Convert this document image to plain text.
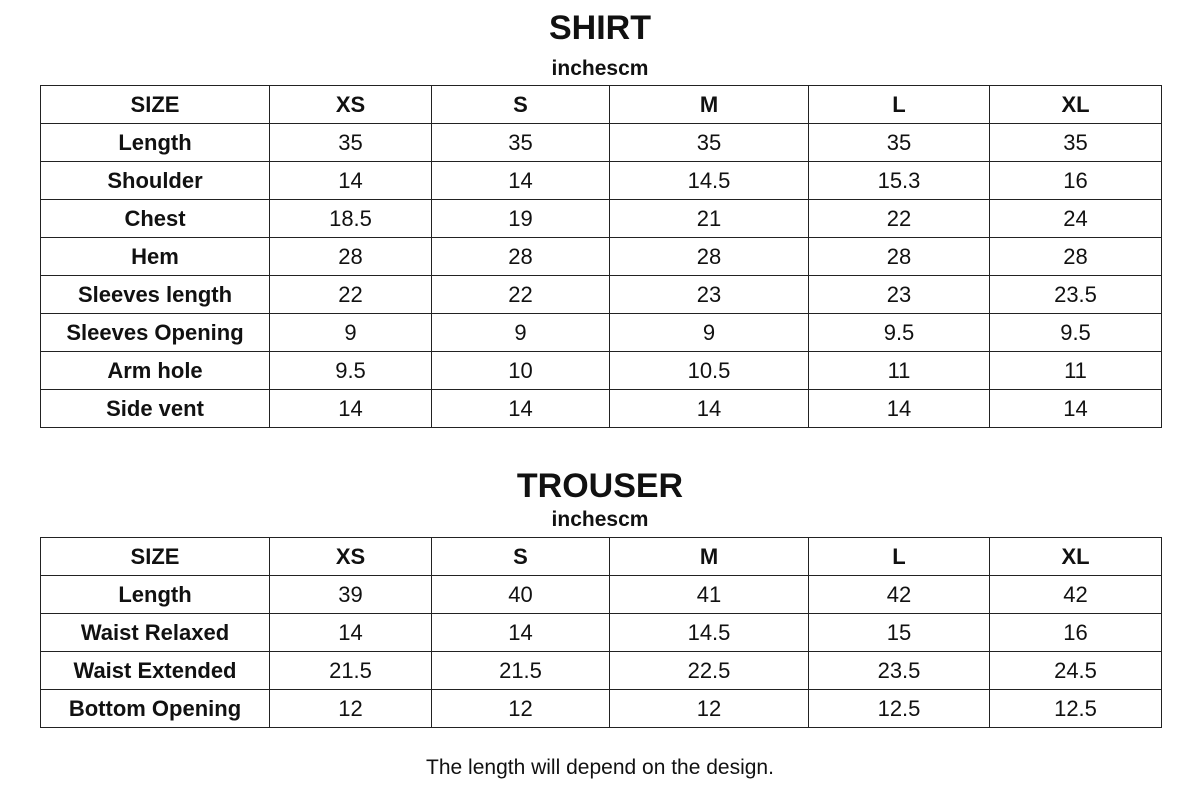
SHIRT
inchescm
SIZE	XS	S	M	L	XL
Length	35	35	35	35	35
Shoulder	14	14	14.5	15.3	16
Chest	18.5	19	21	22	24
Hem	28	28	28	28	28
Sleeves length	22	22	23	23	23.5
Sleeves Opening	9	9	9	9.5	9.5
Arm hole	9.5	10	10.5	11	11
Side vent	14	14	14	14	14
TROUSER
inchescm
SIZE	XS	S	M	L	XL
Length	39	40	41	42	42
Waist Relaxed	14	14	14.5	15	16
Waist Extended	21.5	21.5	22.5	23.5	24.5
Bottom Opening	12	12	12	12.5	12.5
The length will depend on the design.
